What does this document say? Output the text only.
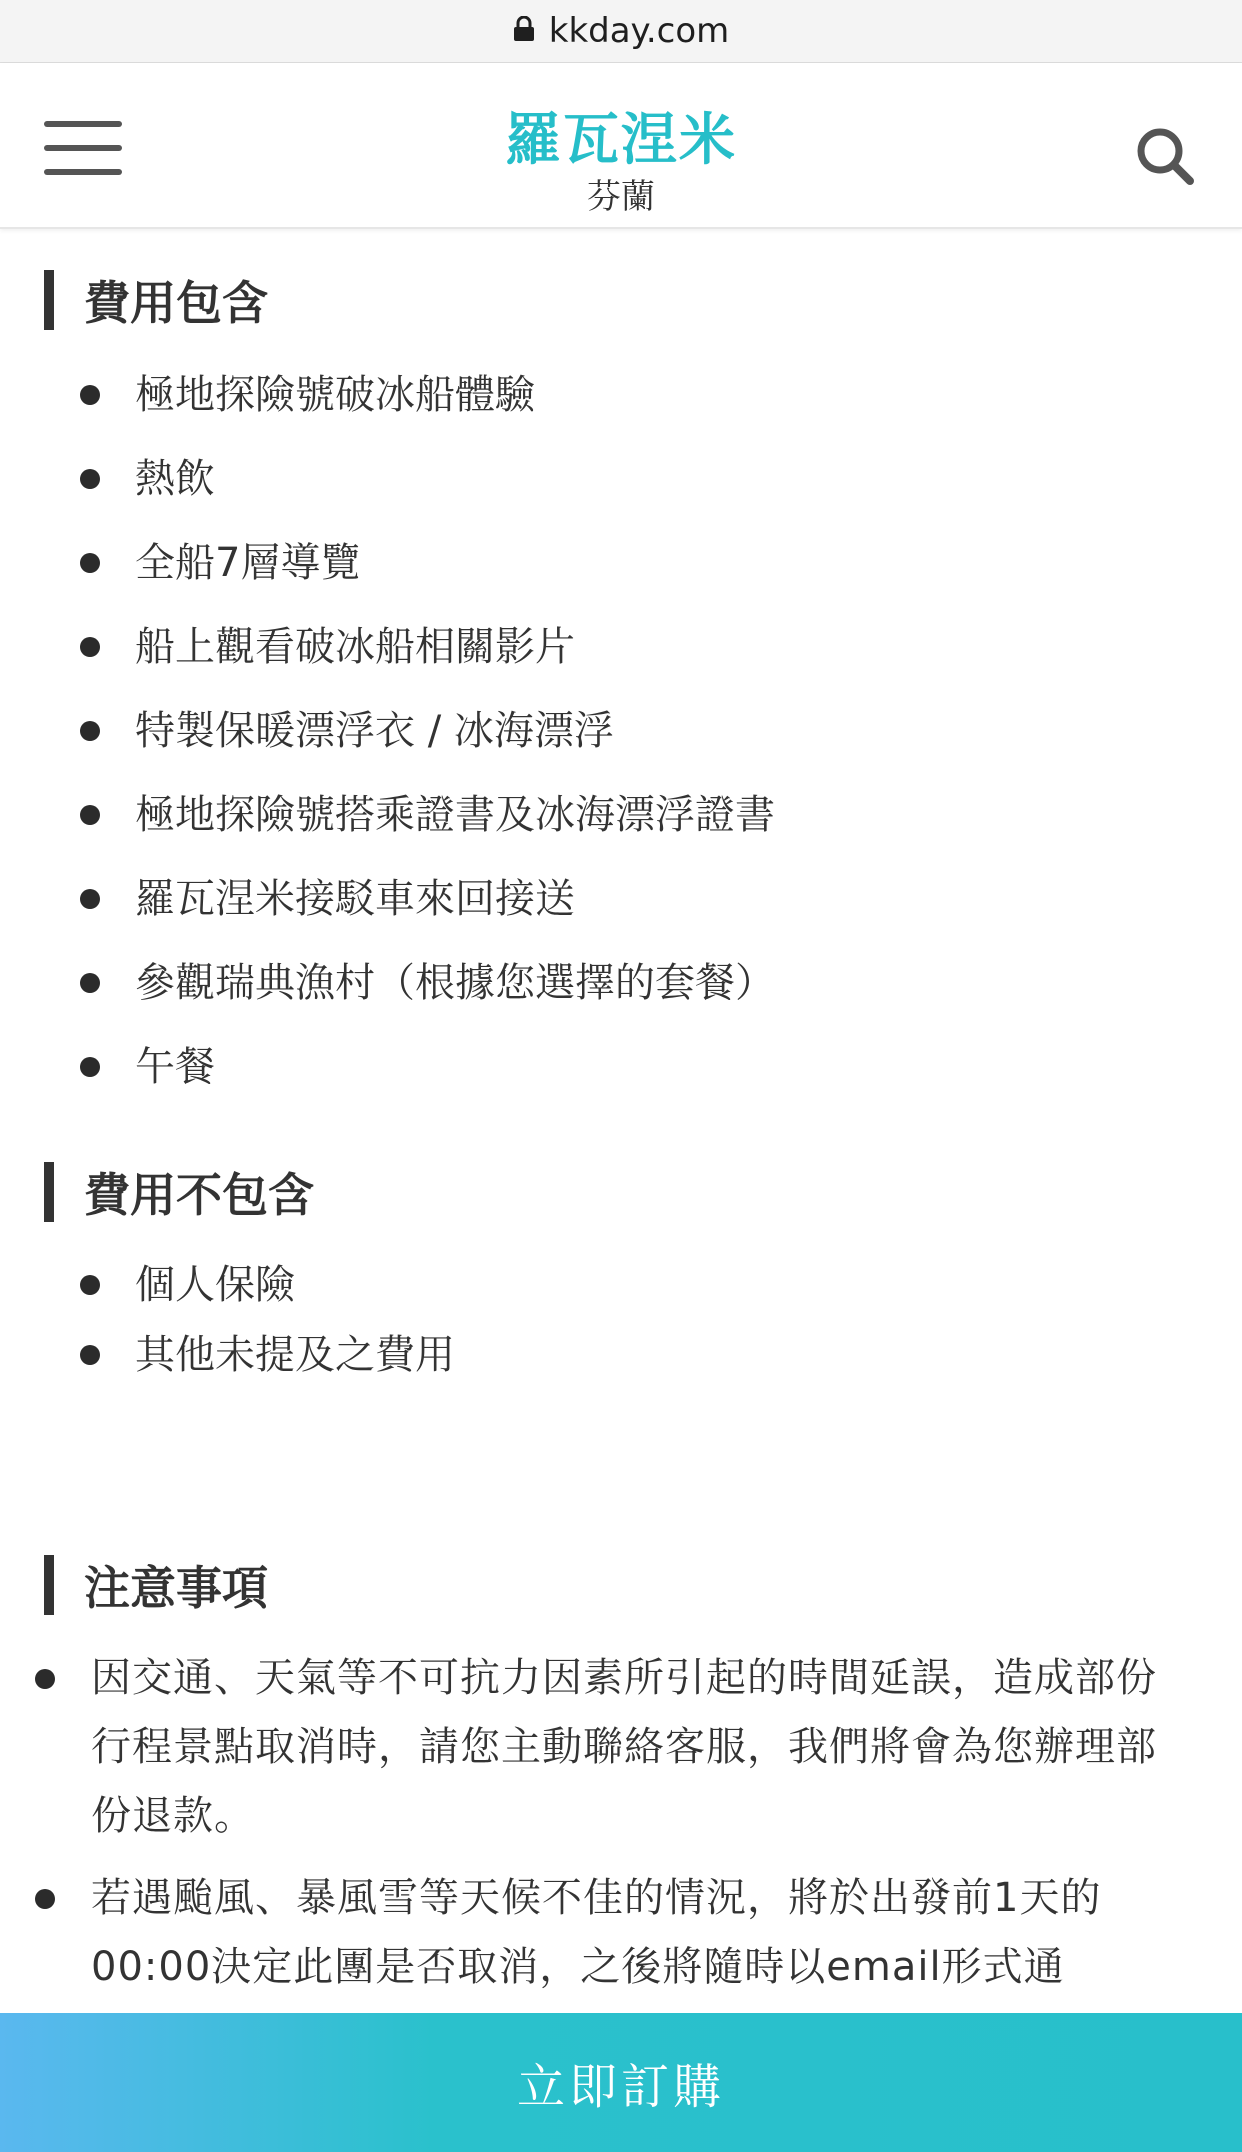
kkday.com
羅瓦涅米
芬蘭
費用包含
極地探險號破冰船體驗
熱飲
全船7層導覽
船上觀看破冰船相關影片
特製保暖漂浮衣 / 冰海漂浮
極地探險號搭乘證書及冰海漂浮證書
羅瓦涅米接駁車來回接送
參觀瑞典漁村（根據您選擇的套餐）
午餐
費用不包含
個人保險
其他未提及之費用
注意事項
因交通、天氣等不可抗力因素所引起的時間延誤，造成部份行程景點取消時，請您主動聯絡客服，我們將會為您辦理部份退款。
若遇颱風、暴風雪等天候不佳的情況，將於出發前1天的00:00決定此團是否取消，之後將隨時以email形式通
立即訂購
